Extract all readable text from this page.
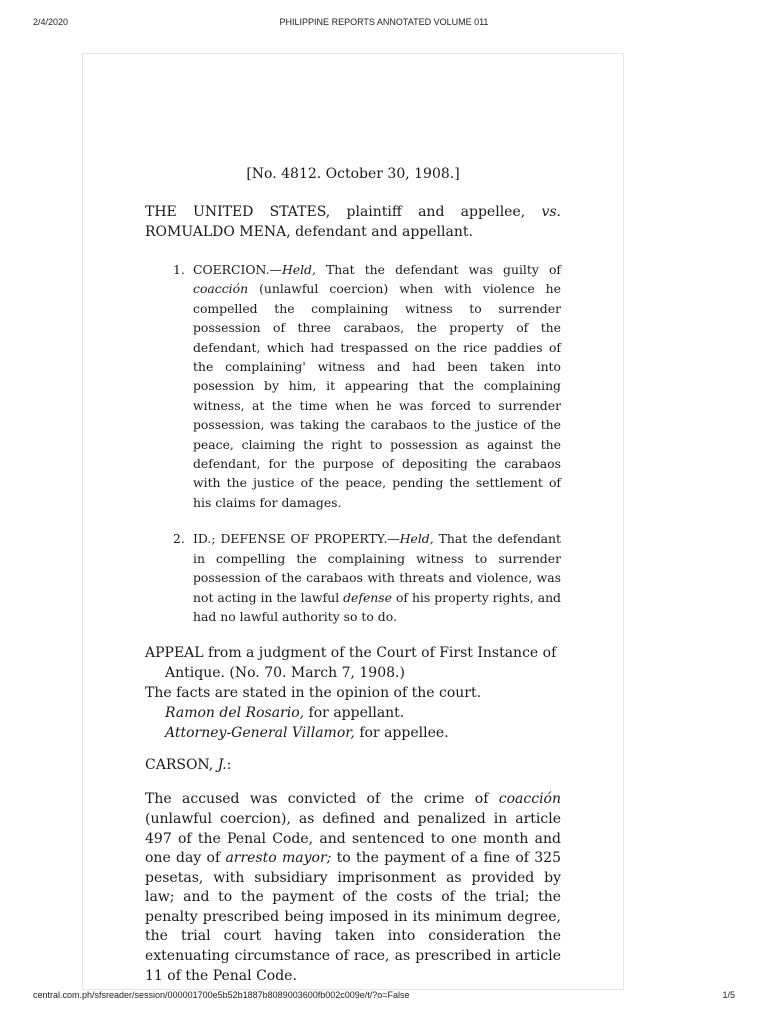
2/4/2020	PHILIPPINE REPORTS ANNOTATED VOLUME 011

[No. 4812. October 30, 1908.]

THE UNITED STATES, plaintiff and appellee, vs. ROMUALDO MENA, defendant and appellant.

1. COERCION.—Held, That the defendant was guilty of coacción (unlawful coercion) when with violence he compelled the complaining witness to surrender possession of three carabaos, the property of the defendant, which had trespassed on the rice paddies of the complaining' witness and had been taken into posession by him, it appearing that the complaining witness, at the time when he was forced to surrender possession, was taking the carabaos to the justice of the peace, claiming the right to possession as against the defendant, for the purpose of depositing the carabaos with the justice of the peace, pending the settlement of his claims for damages.
2. ID.; DEFENSE OF PROPERTY.—Held, That the defendant in compelling the complaining witness to surrender possession of the carabaos with threats and violence, was not acting in the lawful defense of his property rights, and had no lawful authority so to do.

APPEAL from a judgment of the Court of First Instance of Antique. (No. 70. March 7, 1908.)

The facts are stated in the opinion of the court.

Ramon del Rosario, for appellant.

Attorney-General Villamor, for appellee.

CARSON, J.:

The accused was convicted of the crime of coacción (unlawful coercion), as defined and penalized in article 497 of the Penal Code, and sentenced to one month and one day of arresto mayor; to the payment of a fine of 325 pesetas, with subsidiary imprisonment as provided by law; and to the payment of the costs of the trial; the penalty prescribed being imposed in its minimum degree, the trial court having taken into consideration the extenuating circumstance of race, as prescribed in article 11 of the Penal Code.

central.com.ph/sfsreader/session/000001700e5b52b1887b8089003600fb002c009e/t/?o=False	1/5
